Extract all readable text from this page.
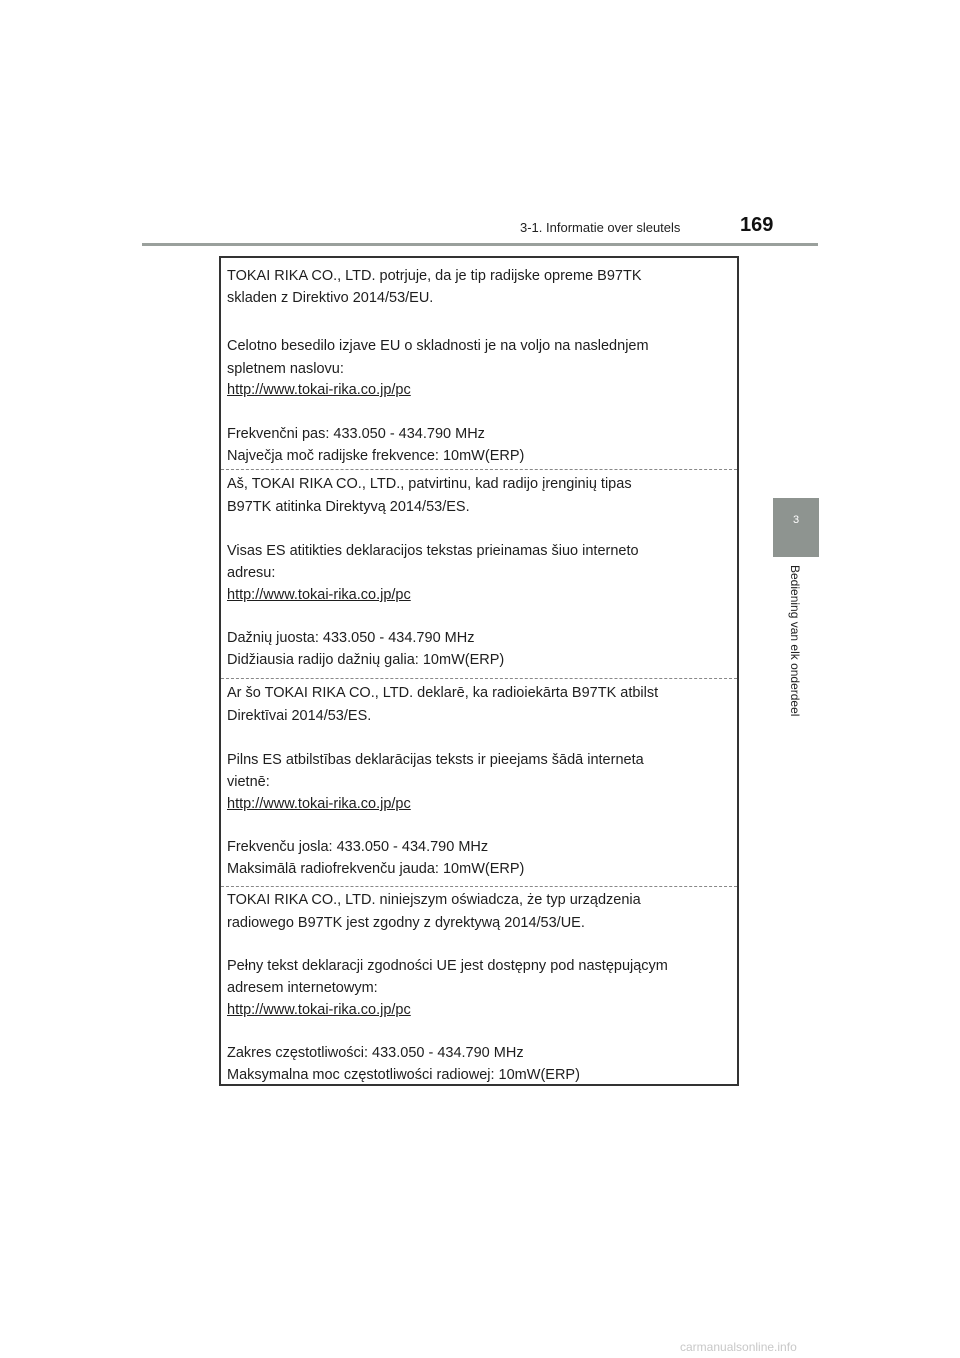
3-1. Informatie over sleutels	169
3
Bediening van elk onderdeel
TOKAI RIKA CO., LTD. potrjuje, da je tip radijske opreme B97TK
skladen z Direktivo 2014/53/EU.
Celotno besedilo izjave EU o skladnosti je na voljo na naslednjem
spletnem naslovu:
http://www.tokai-rika.co.jp/pc
Frekvenčni pas: 433.050 - 434.790 MHz
Največja moč radijske frekvence: 10mW(ERP)
Aš, TOKAI RIKA CO., LTD., patvirtinu, kad radijo įrenginių tipas
B97TK atitinka Direktyvą 2014/53/ES.
Visas ES atitikties deklaracijos tekstas prieinamas šiuo interneto
adresu:
http://www.tokai-rika.co.jp/pc
Dažnių juosta: 433.050 - 434.790 MHz
Didžiausia radijo dažnių galia: 10mW(ERP)
Ar šo TOKAI RIKA CO., LTD. deklarē, ka radioiekārta B97TK atbilst
Direktīvai 2014/53/ES.
Pilns ES atbilstības deklarācijas teksts ir pieejams šādā interneta
vietnē:
http://www.tokai-rika.co.jp/pc
Frekvenču josla: 433.050 - 434.790 MHz
Maksimālā radiofrekvenču jauda: 10mW(ERP)
TOKAI RIKA CO., LTD. niniejszym oświadcza, że typ urządzenia
radiowego B97TK jest zgodny z dyrektywą 2014/53/UE.
Pełny tekst deklaracji zgodności UE jest dostępny pod następującym
adresem internetowym:
http://www.tokai-rika.co.jp/pc
Zakres częstotliwości: 433.050 - 434.790 MHz
Maksymalna moc częstotliwości radiowej: 10mW(ERP)
carmanualsonline.info
